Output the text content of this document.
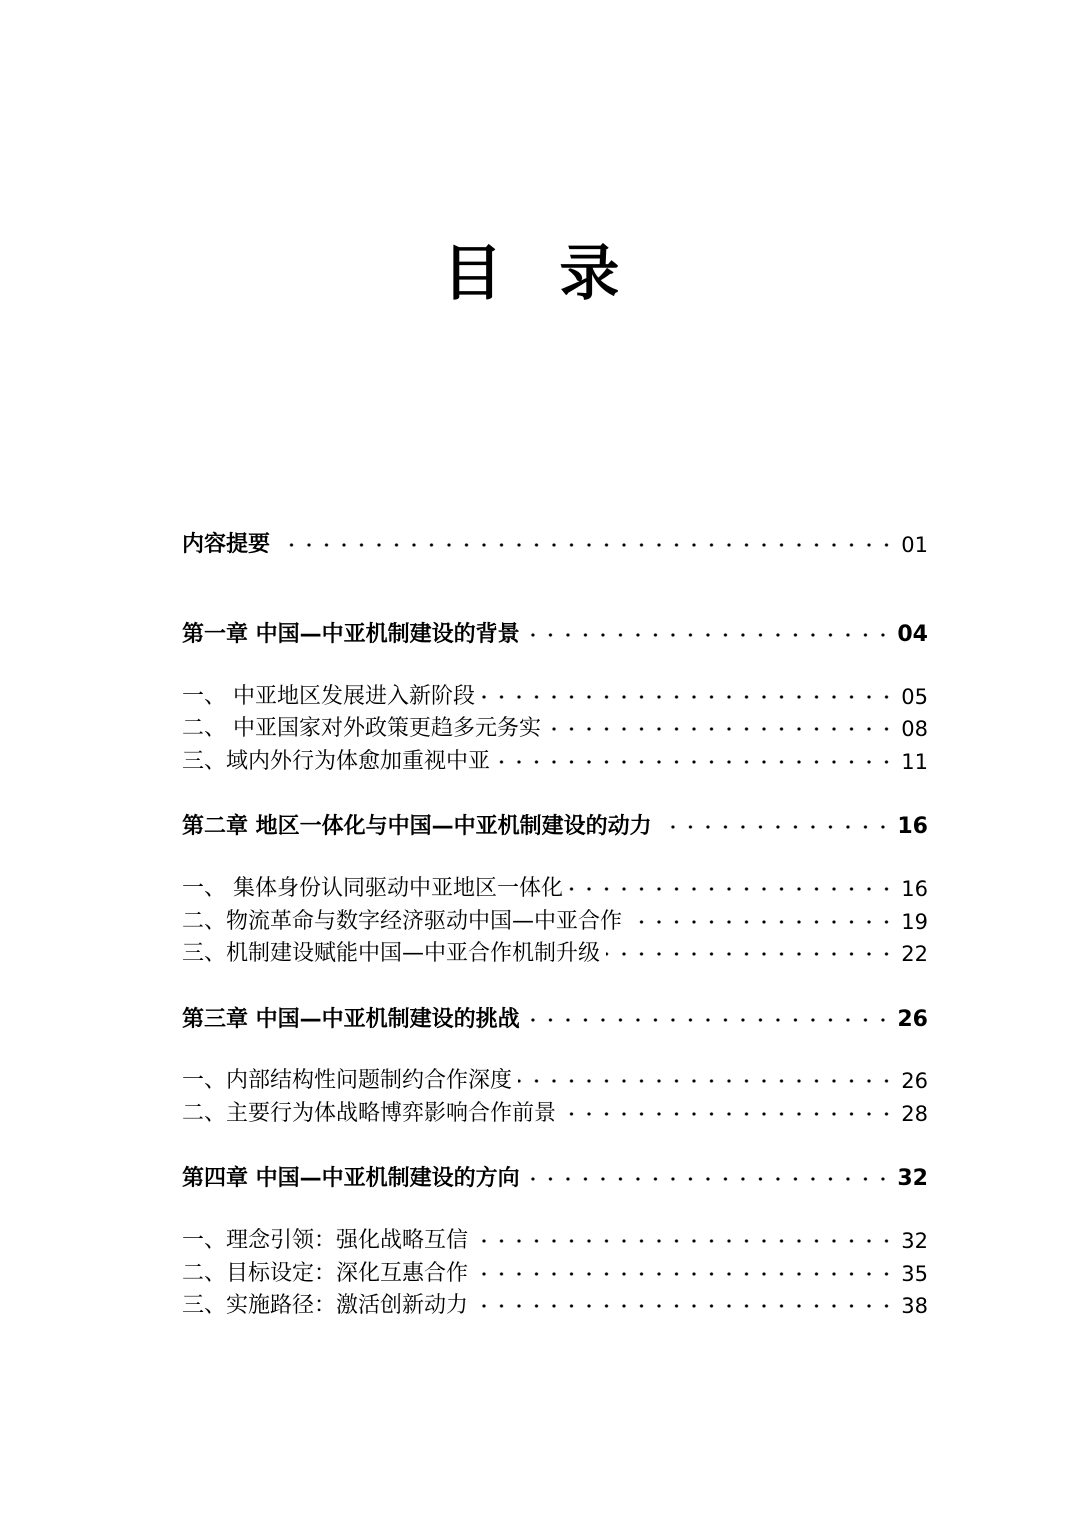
目 录
内容提要	01
第一章 中国—中亚机制建设的背景	04
一、 中亚地区发展进入新阶段	05
二、 中亚国家对外政策更趋多元务实	08
三、域内外行为体愈加重视中亚	11
第二章 地区一体化与中国—中亚机制建设的动力	16
一、 集体身份认同驱动中亚地区一体化	16
二、物流革命与数字经济驱动中国—中亚合作	19
三、机制建设赋能中国—中亚合作机制升级	22
第三章 中国—中亚机制建设的挑战	26
一、内部结构性问题制约合作深度	26
二、主要行为体战略博弈影响合作前景	28
第四章 中国—中亚机制建设的方向	32
一、理念引领：强化战略互信	32
二、目标设定：深化互惠合作	35
三、实施路径：激活创新动力	38
